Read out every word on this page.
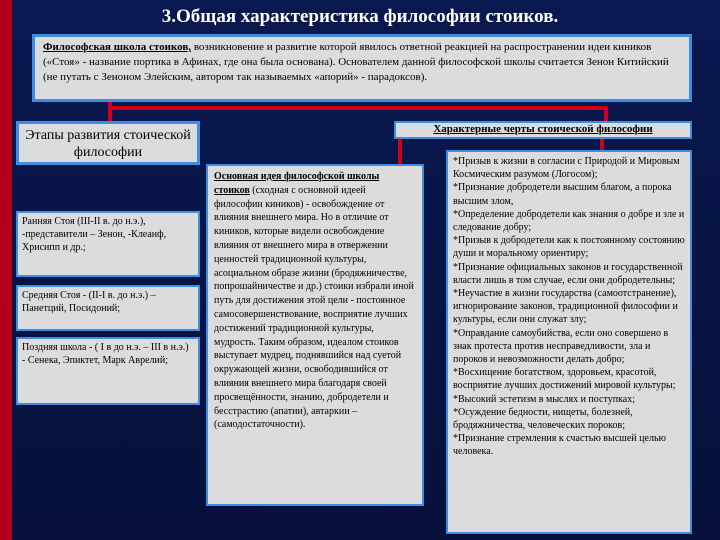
3.Общая характеристика философии стоиков.
Философская школа стоиков, возникновение и развитие которой явилось ответной реакцией на распространении идеи киников («Стоя» - название портика в Афинах, где она была основана). Основателем данной философской школы считается Зенон Китийский (не путать с Зеноном Элейским, автором так называемых «апорий» - парадоксов).
Этапы развития стоической философии
Характерные черты стоической философии
Ранняя Стоя (III-II в. до н.э.), -представители – Зенон, -Клеанф, Хрисипп и др.;
Средняя Стоя - (II-I в. до н.э.) – Панетций, Посидоний;
Поздняя школа - ( I в до н.э. – III в н.э.) - Сенека, Эпиктет, Марк Аврелий;
Основная идея философской школы стоиков (сходная с основной идеей философии киников) - освобождение от влияния внешнего мира. Но в отличие от киников, которые видели освобождение влияния от внешнего мира в отвержении ценностей традиционной культуры, асоциальном образе жизни (бродяжничестве, попрошайничестве и др.) стоики избрали иной путь для достижения этой цели - постоянное самосовершенствование, восприятие лучших достижений традиционной культуры, мудрость. Таким образом, идеалом стоиков выступает мудрец, поднявшийся над суетой окружающей жизни, освободившийся от влияния внешнего мира благодаря своей просвещённости, знанию, добродетели и бесстрастию (апатии), автаркии – (самодостаточности).

*Призыв к жизни в согласии с Природой и Мировым Космическим разумом (Логосом);

*Признание добродетели высшим благом, а порока высшим злом,

*Определение добродетели как знания о добре и зле и следование добру;

*Призыв к добродетели как к постоянному состоянию души и моральному ориентиру;

*Признание официальных законов и государственной власти лишь в том случае, если они добродетельны;

*Неучастие в жизни государства (самоотстранение), игнорирование законов, традиционной философии и культуры, если они служат злу;

*Оправдание самоубийства, если оно совершено в знак протеста против несправедливости, зла и пороков и невозможности делать добро;

*Восхищение богатством, здоровьем, красотой, восприятие лучших достижений мировой культуры;

*Высокий эстетизм в мыслях и поступках;

*Осуждение бедности, нищеты, болезней, бродяжничества, человеческих пороков;

*Признание стремления к счастью высшей целью человека.
